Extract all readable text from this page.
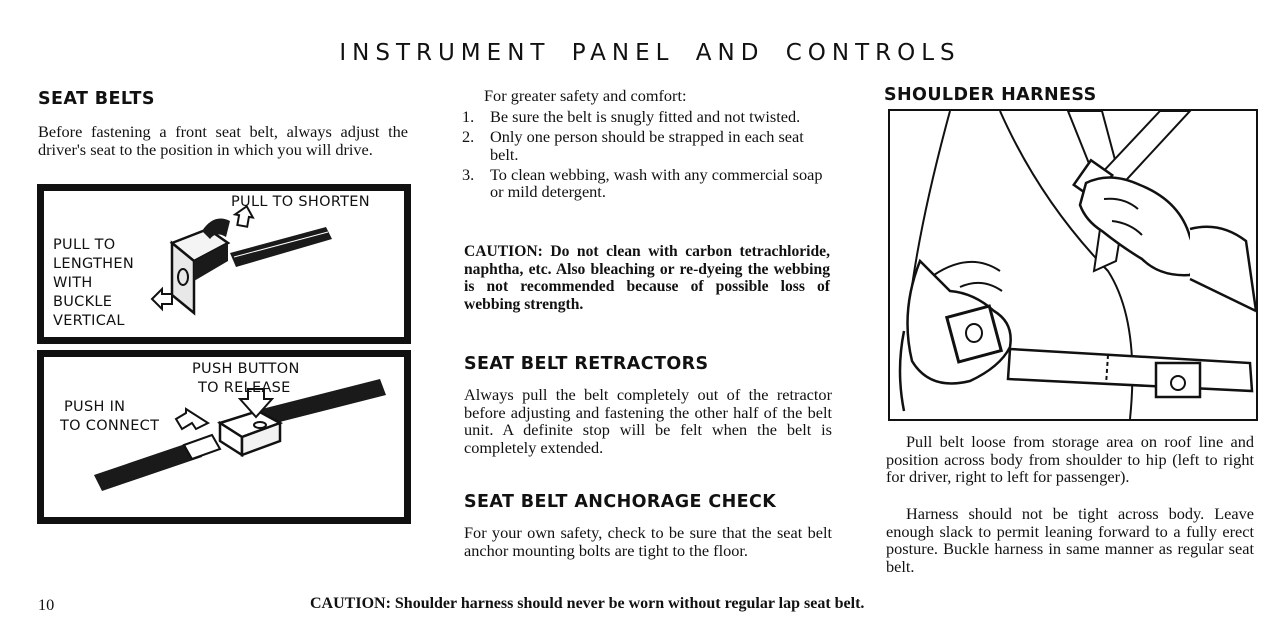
INSTRUMENT PANEL AND CONTROLS
SEAT BELTS

Before fastening a front seat belt, always adjust the driver's seat to the position in which you will drive.

PULL TO SHORTEN
PULL TO
LENGTHEN
WITH
BUCKLE
VERTICAL
PUSH BUTTON
TO RELEASE
PUSH IN
TO CONNECT

For greater safety and comfort:

1. Be sure the belt is snugly fitted and not twisted.
2. Only one person should be strapped in each seat belt.
3. To clean webbing, wash with any commercial soap or mild detergent.

CAUTION: Do not clean with carbon tetrachloride, naphtha, etc. Also bleaching or re-dyeing the webbing is not recommended because of possible loss of webbing strength.

SEAT BELT RETRACTORS

Always pull the belt completely out of the retractor before adjusting and fastening the other half of the belt unit. A definite stop will be felt when the belt is completely extended.

SEAT BELT ANCHORAGE CHECK

For your own safety, check to be sure that the seat belt anchor mounting bolts are tight to the floor.

SHOULDER HARNESS

Pull belt loose from storage area on roof line and position across body from shoulder to hip (left to right for driver, right to left for passenger).

Harness should not be tight across body. Leave enough slack to permit leaning forward to a fully erect posture. Buckle harness in same manner as regular seat belt.

10	CAUTION: Shoulder harness should never be worn without regular lap seat belt.
